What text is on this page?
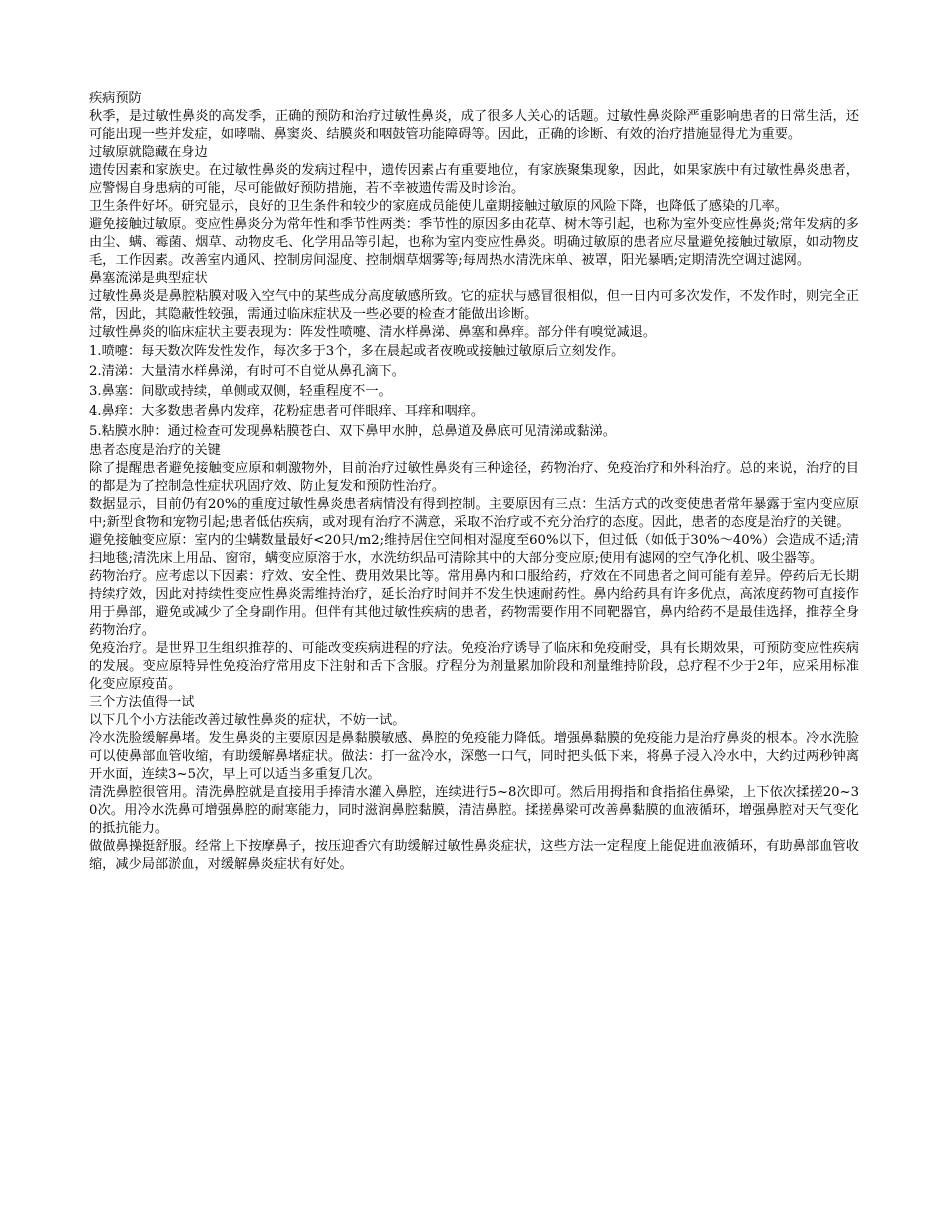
疾病预防

秋季，是过敏性鼻炎的高发季，正确的预防和治疗过敏性鼻炎，成了很多人关心的话题。过敏性鼻炎除严重影响患者的日常生活，还可能出现一些并发症，如哮喘、鼻窦炎、结膜炎和咽鼓管功能障碍等。因此，正确的诊断、有效的治疗措施显得尤为重要。

过敏原就隐藏在身边

遗传因素和家族史。在过敏性鼻炎的发病过程中，遗传因素占有重要地位，有家族聚集现象，因此，如果家族中有过敏性鼻炎患者，应警惕自身患病的可能，尽可能做好预防措施，若不幸被遗传需及时诊治。

卫生条件好坏。研究显示，良好的卫生条件和较少的家庭成员能使儿童期接触过敏原的风险下降，也降低了感染的几率。

避免接触过敏原。变应性鼻炎分为常年性和季节性两类：季节性的原因多由花草、树木等引起，也称为室外变应性鼻炎;常年发病的多由尘、螨、霉菌、烟草、动物皮毛、化学用品等引起，也称为室内变应性鼻炎。明确过敏原的患者应尽量避免接触过敏原，如动物皮毛，工作因素。改善室内通风、控制房间湿度、控制烟草烟雾等;每周热水清洗床单、被罩，阳光暴晒;定期清洗空调过滤网。

鼻塞流涕是典型症状

过敏性鼻炎是鼻腔粘膜对吸入空气中的某些成分高度敏感所致。它的症状与感冒很相似，但一日内可多次发作，不发作时，则完全正常，因此，其隐蔽性较强，需通过临床症状及一些必要的检查才能做出诊断。

过敏性鼻炎的临床症状主要表现为：阵发性喷嚏、清水样鼻涕、鼻塞和鼻痒。部分伴有嗅觉减退。

1.喷嚏：每天数次阵发性发作，每次多于3个，多在晨起或者夜晚或接触过敏原后立刻发作。

2.清涕：大量清水样鼻涕，有时可不自觉从鼻孔滴下。

3.鼻塞：间歇或持续，单侧或双侧，轻重程度不一。

4.鼻痒：大多数患者鼻内发痒，花粉症患者可伴眼痒、耳痒和咽痒。

5.粘膜水肿：通过检查可发现鼻粘膜苍白、双下鼻甲水肿，总鼻道及鼻底可见清涕或黏涕。

患者态度是治疗的关键

除了提醒患者避免接触变应原和刺激物外，目前治疗过敏性鼻炎有三种途径，药物治疗、免疫治疗和外科治疗。总的来说，治疗的目的都是为了控制急性症状巩固疗效、防止复发和预防性治疗。

数据显示，目前仍有20%的重度过敏性鼻炎患者病情没有得到控制。主要原因有三点：生活方式的改变使患者常年暴露于室内变应原中;新型食物和宠物引起;患者低估疾病，或对现有治疗不满意，采取不治疗或不充分治疗的态度。因此，患者的态度是治疗的关键。

避免接触变应原：室内的尘螨数量最好<20只/m2;维持居住空间相对湿度至60%以下，但过低（如低于30%～40%）会造成不适;清扫地毯;清洗床上用品、窗帘，螨变应原溶于水，水洗纺织品可清除其中的大部分变应原;使用有滤网的空气净化机、吸尘器等。

药物治疗。应考虑以下因素：疗效、安全性、费用效果比等。常用鼻内和口服给药，疗效在不同患者之间可能有差异。停药后无长期持续疗效，因此对持续性变应性鼻炎需维持治疗，延长治疗时间并不发生快速耐药性。鼻内给药具有许多优点，高浓度药物可直接作用于鼻部，避免或减少了全身副作用。但伴有其他过敏性疾病的患者，药物需要作用不同靶器官，鼻内给药不是最佳选择，推荐全身药物治疗。

免疫治疗。是世界卫生组织推荐的、可能改变疾病进程的疗法。免疫治疗诱导了临床和免疫耐受，具有长期效果，可预防变应性疾病的发展。变应原特异性免疫治疗常用皮下注射和舌下含服。疗程分为剂量累加阶段和剂量维持阶段，总疗程不少于2年，应采用标准化变应原疫苗。

三个方法值得一试

以下几个小方法能改善过敏性鼻炎的症状，不妨一试。

冷水洗脸缓解鼻堵。发生鼻炎的主要原因是鼻黏膜敏感、鼻腔的免疫能力降低。增强鼻黏膜的免疫能力是治疗鼻炎的根本。冷水洗脸可以使鼻部血管收缩，有助缓解鼻堵症状。做法：打一盆冷水，深憋一口气，同时把头低下来，将鼻子浸入冷水中，大约过两秒钟离开水面，连续3~5次，早上可以适当多重复几次。

清洗鼻腔很管用。清洗鼻腔就是直接用手捧清水灌入鼻腔，连续进行5~8次即可。然后用拇指和食指掐住鼻梁，上下依次揉搓20~30次。用冷水洗鼻可增强鼻腔的耐寒能力，同时滋润鼻腔黏膜，清洁鼻腔。揉搓鼻梁可改善鼻黏膜的血液循环，增强鼻腔对天气变化的抵抗能力。

做做鼻操挺舒服。经常上下按摩鼻子，按压迎香穴有助缓解过敏性鼻炎症状，这些方法一定程度上能促进血液循环，有助鼻部血管收缩，减少局部淤血，对缓解鼻炎症状有好处。
